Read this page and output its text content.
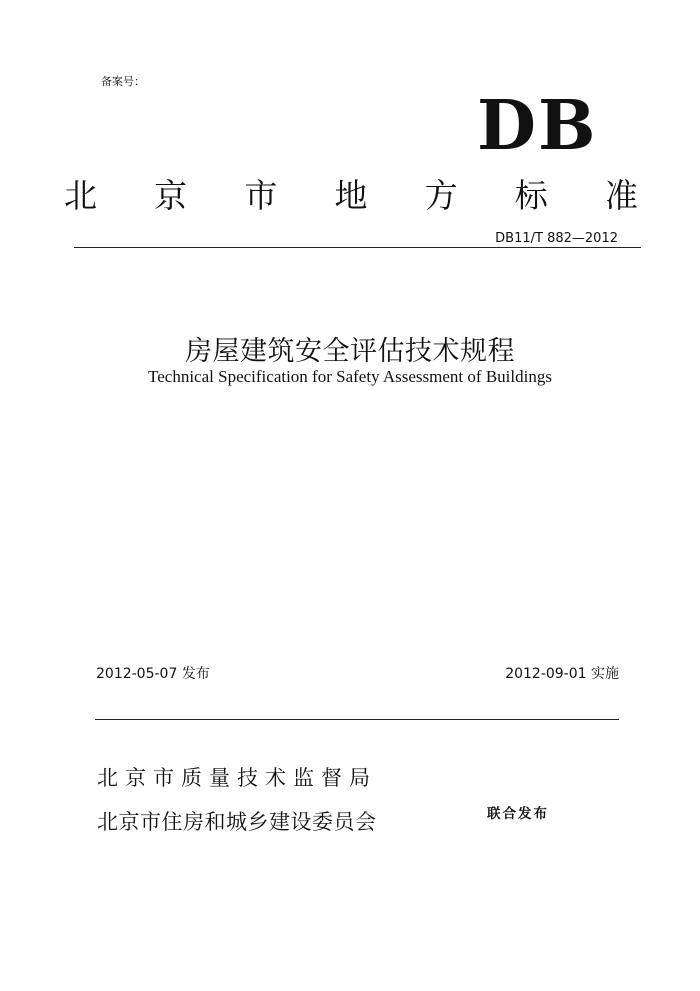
备案号：
DB
北 京 市 地 方 标 准
DB11/T 882—2012
房屋建筑安全评估技术规程
Technical Specification for Safety Assessment of Buildings
2012-05-07 发布	2012-09-01 实施
北京市质量技术监督局
北京市住房和城乡建设委员会	联合发布
